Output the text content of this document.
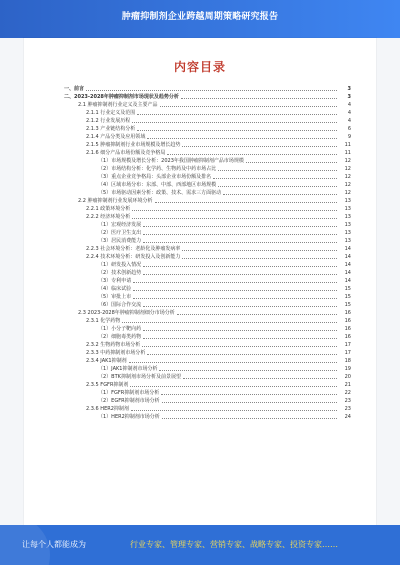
肿瘤抑制剂企业跨越周期策略研究报告
内容目录
一、前言	3
二、2023-2028年肿瘤抑制剂市场现状及趋势分析	3
2.1 肿瘤抑制剂行业定义及主要产品	4
2.1.1 行业定义及范围	4
2.1.2 行业发展历程	4
2.1.3 产业链结构分析	6
2.1.4 产品分类及应用领域	9
2.1.5 肿瘤抑制剂行业市场规模及增长趋势	11
2.1.6 细分产品市场份额及竞争格局	11
（1）市场规模及增长分析：2023年我国肿瘤抑制剂产品市场规模	12
（2）市场结构分析：化学药、生物药及中药市场占比	12
（3）重点企业竞争格局：头部企业市场份额及排名	12
（4）区域市场分布：东部、中部、西部地区市场规模	12
（5）市场驱动因素分析：政策、技术、需求三方面驱动	12
2.2 肿瘤抑制剂行业发展环境分析	13
2.2.1 政策环境分析	13
2.2.2 经济环境分析	13
（1）宏观经济发展	13
（2）医疗卫生支出	13
（3）居民消费能力	13
2.2.3 社会环境分析：老龄化及肿瘤发病率	14
2.2.4 技术环境分析：研发投入及创新能力	14
（1）研发投入情况	14
（2）技术创新趋势	14
（3）专利申请	14
（4）临床试验	15
（5）审批上市	15
（6）国际合作交流	15
2.3 2023-2028年肿瘤抑制剂细分市场分析	16
2.3.1 化学药物	16
（1）小分子靶向药	16
（2）细胞毒类药物	16
2.3.2 生物药物市场分析	17
2.3.3 中药抑制剂市场分析	17
2.3.4 JAK1抑制剂	18
（1）JAK1抑制剂市场分析	19
（2）BTK抑制剂市场分析及前景展望	20
2.3.5 FGFR抑制剂	21
（1）FGFR抑制剂市场分析	22
（2）EGFR抑制剂市场分析	23
2.3.6 HER2抑制剂	23
（1）HER2抑制剂市场分析	24
让每个人都能成为	行业专家、管理专家、营销专家、战略专家、投资专家……
